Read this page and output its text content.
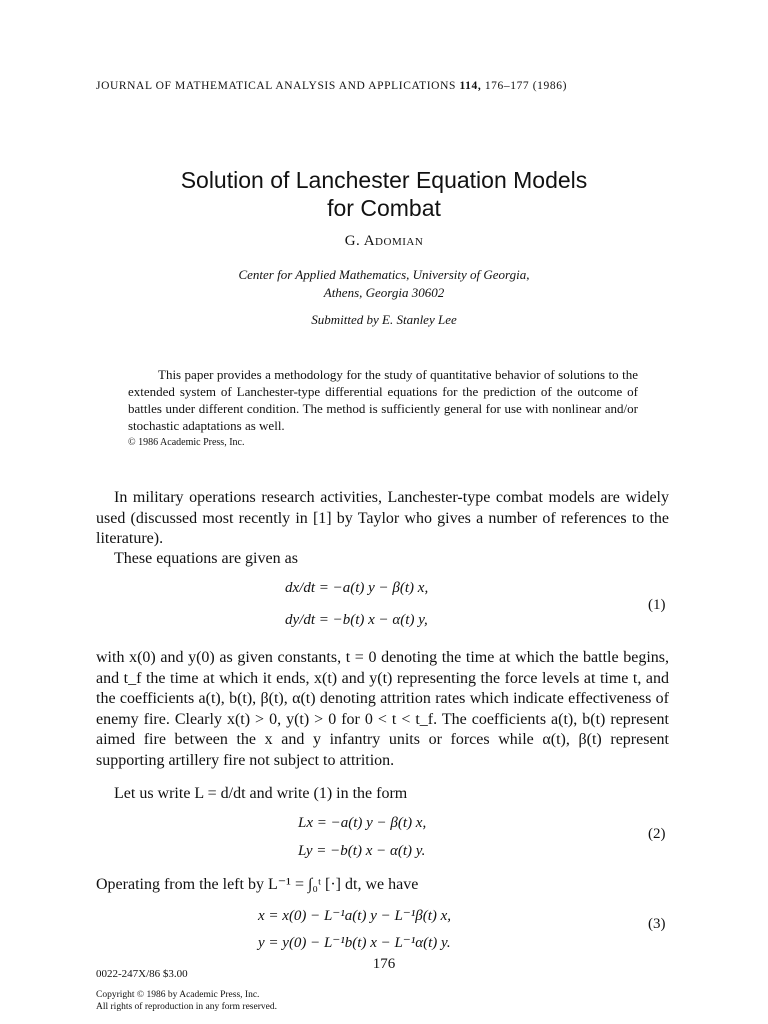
JOURNAL OF MATHEMATICAL ANALYSIS AND APPLICATIONS 114, 176–177 (1986)
Solution of Lanchester Equation Models
for Combat
G. Adomian
Center for Applied Mathematics, University of Georgia,
Athens, Georgia 30602
Submitted by E. Stanley Lee

This paper provides a methodology for the study of quantitative behavior of solutions to the extended system of Lanchester-type differential equations for the prediction of the outcome of battles under different condition. The method is sufficiently general for use with nonlinear and/or stochastic adaptations as well.

© 1986 Academic Press, Inc.

In military operations research activities, Lanchester-type combat models are widely used (discussed most recently in [1] by Taylor who gives a number of references to the literature).

These equations are given as

dx/dt = −a(t) y − β(t) x,
dy/dt = −b(t) x − α(t) y,
(1)

with x(0) and y(0) as given constants, t = 0 denoting the time at which the battle begins, and t_f the time at which it ends, x(t) and y(t) representing the force levels at time t, and the coefficients a(t), b(t), β(t), α(t) denoting attrition rates which indicate effectiveness of enemy fire. Clearly x(t) > 0, y(t) > 0 for 0 < t < t_f. The coefficients a(t), b(t) represent aimed fire between the x and y infantry units or forces while α(t), β(t) represent supporting artillery fire not subject to attrition.

Let us write L = d/dt and write (1) in the form

Lx = −a(t) y − β(t) x,
Ly = −b(t) x − α(t) y.
(2)

Operating from the left by L⁻¹ = ∫₀ᵗ [·] dt, we have

x = x(0) − L⁻¹a(t) y − L⁻¹β(t) x,
y = y(0) − L⁻¹b(t) x − L⁻¹α(t) y.
(3)
176
0022-247X/86 $3.00
Copyright © 1986 by Academic Press, Inc.
All rights of reproduction in any form reserved.
